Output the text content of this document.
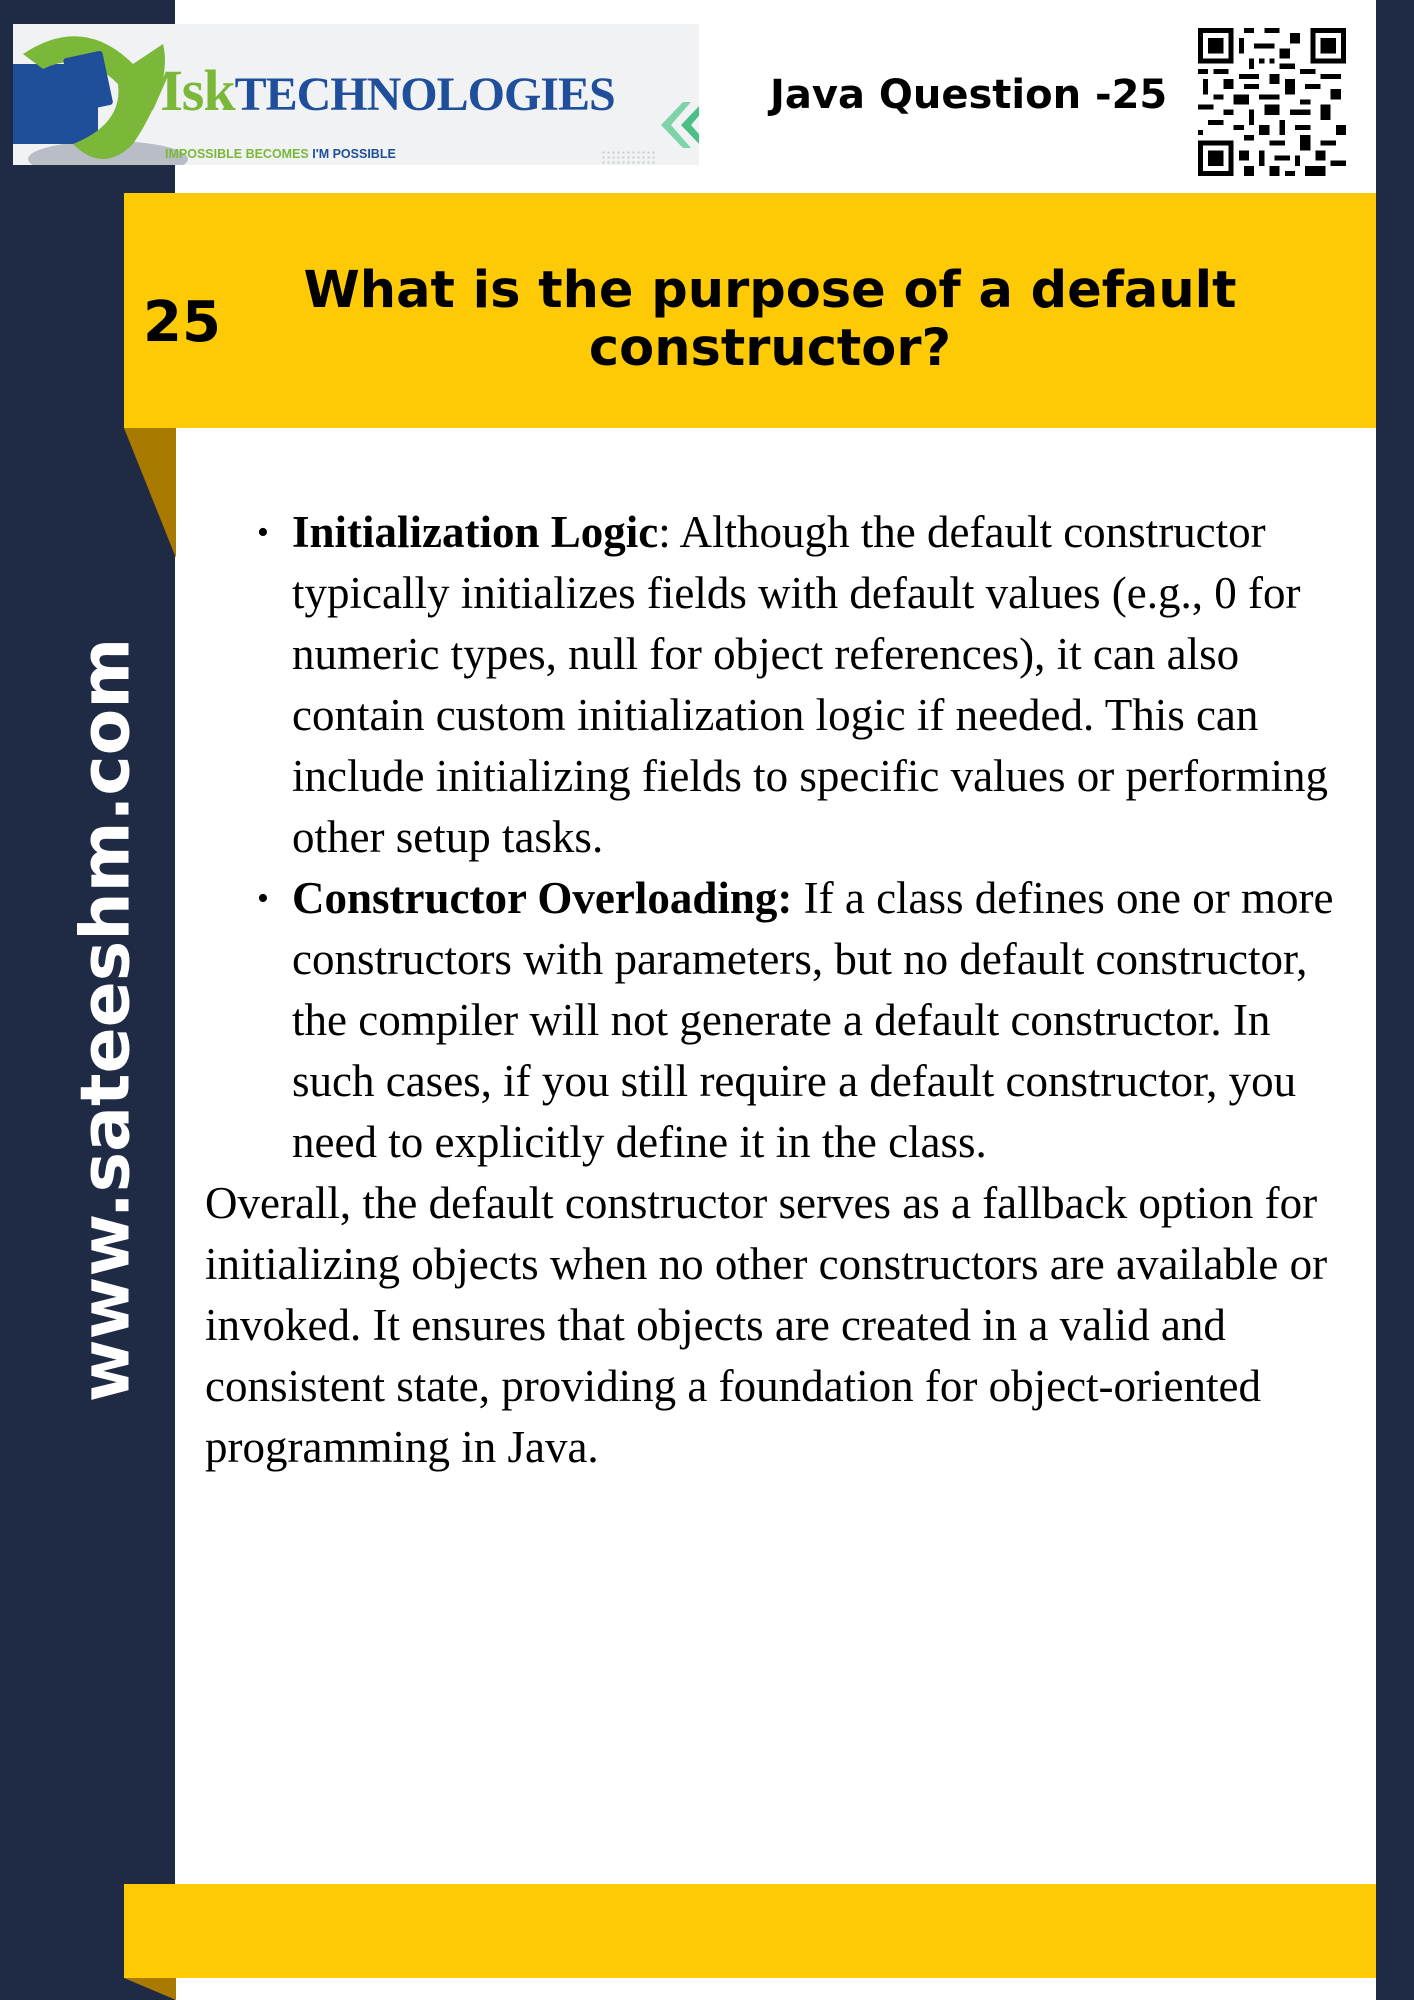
MskTECHNOLOGIES
IMPOSSIBLE BECOMES I'M POSSIBLE
Java Question -25
25	What is the purpose of a default constructor?
www.sateeshm.com
• Initialization Logic: Although the default constructor typically initializes fields with default values (e.g., 0 for numeric types, null for object references), it can also contain custom initialization logic if needed. This can include initializing fields to specific values or performing other setup tasks.
• Constructor Overloading: If a class defines one or more constructors with parameters, but no default constructor, the compiler will not generate a default constructor. In such cases, if you still require a default constructor, you need to explicitly define it in the class.

Overall, the default constructor serves as a fallback option for initializing objects when no other constructors are available or invoked. It ensures that objects are created in a valid and consistent state, providing a foundation for object-oriented programming in Java.
